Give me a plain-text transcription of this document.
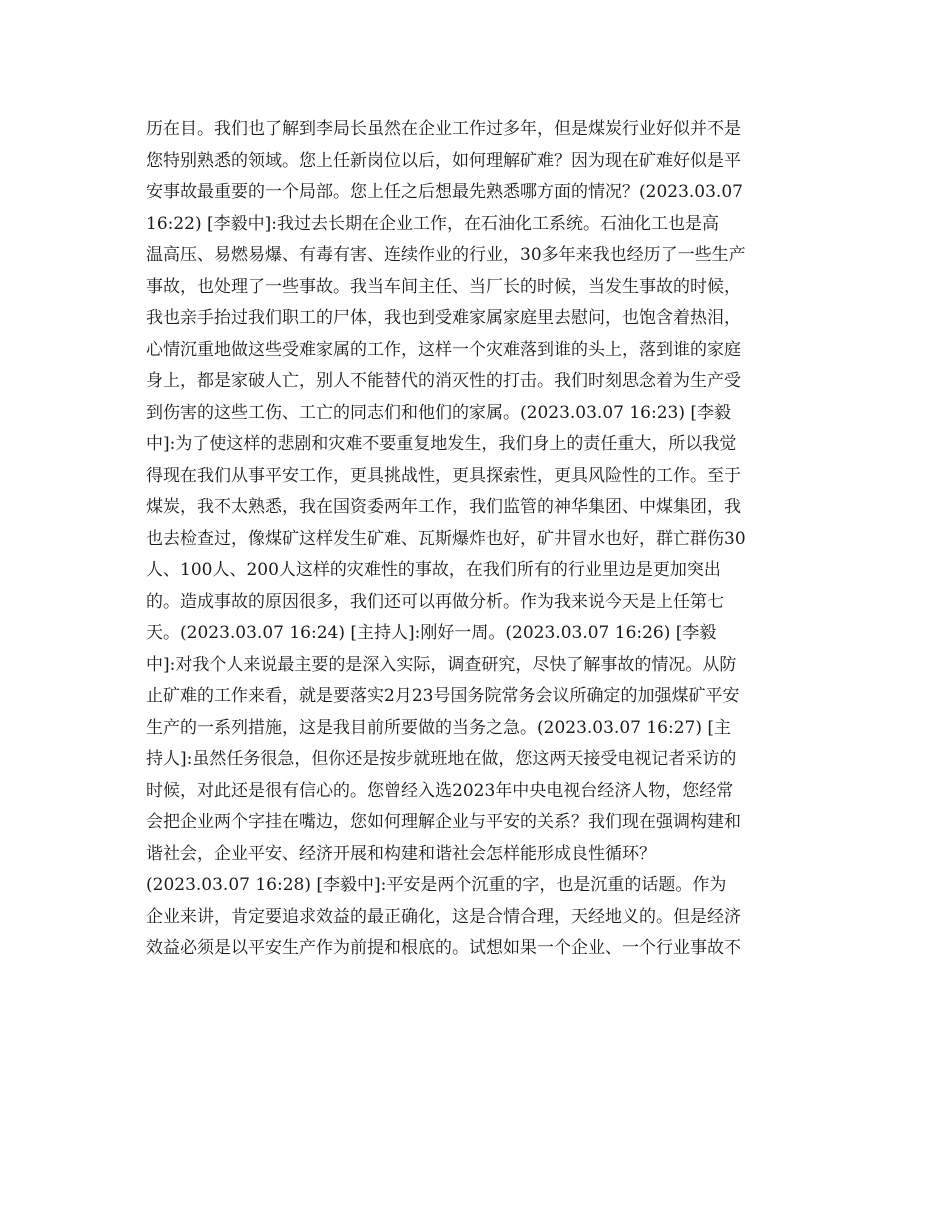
历在目。我们也了解到李局长虽然在企业工作过多年，但是煤炭行业好似并不是
您特别熟悉的领域。您上任新岗位以后，如何理解矿难？因为现在矿难好似是平
安事故最重要的一个局部。您上任之后想最先熟悉哪方面的情况？(2023.03.07
16:22) [李毅中]:我过去长期在企业工作，在石油化工系统。石油化工也是高
温高压、易燃易爆、有毒有害、连续作业的行业，30多年来我也经历了一些生产
事故，也处理了一些事故。我当车间主任、当厂长的时候，当发生事故的时候，
我也亲手抬过我们职工的尸体，我也到受难家属家庭里去慰问，也饱含着热泪，
心情沉重地做这些受难家属的工作，这样一个灾难落到谁的头上，落到谁的家庭
身上，都是家破人亡，别人不能替代的消灭性的打击。我们时刻思念着为生产受
到伤害的这些工伤、工亡的同志们和他们的家属。(2023.03.07 16:23) [李毅
中]:为了使这样的悲剧和灾难不要重复地发生，我们身上的责任重大，所以我觉
得现在我们从事平安工作，更具挑战性，更具探索性，更具风险性的工作。至于
煤炭，我不太熟悉，我在国资委两年工作，我们监管的神华集团、中煤集团，我
也去检查过，像煤矿这样发生矿难、瓦斯爆炸也好，矿井冒水也好，群亡群伤30
人、100人、200人这样的灾难性的事故，在我们所有的行业里边是更加突出
的。造成事故的原因很多，我们还可以再做分析。作为我来说今天是上任第七
天。(2023.03.07 16:24) [主持人]:刚好一周。(2023.03.07 16:26) [李毅
中]:对我个人来说最主要的是深入实际，调查研究，尽快了解事故的情况。从防
止矿难的工作来看，就是要落实2月23号国务院常务会议所确定的加强煤矿平安
生产的一系列措施，这是我目前所要做的当务之急。(2023.03.07 16:27) [主
持人]:虽然任务很急，但你还是按步就班地在做，您这两天接受电视记者采访的
时候，对此还是很有信心的。您曾经入选2023年中央电视台经济人物，您经常
会把企业两个字挂在嘴边，您如何理解企业与平安的关系？我们现在强调构建和
谐社会，企业平安、经济开展和构建和谐社会怎样能形成良性循环？
(2023.03.07 16:28) [李毅中]:平安是两个沉重的字，也是沉重的话题。作为
企业来讲，肯定要追求效益的最正确化，这是合情合理，天经地义的。但是经济
效益必须是以平安生产作为前提和根底的。试想如果一个企业、一个行业事故不
